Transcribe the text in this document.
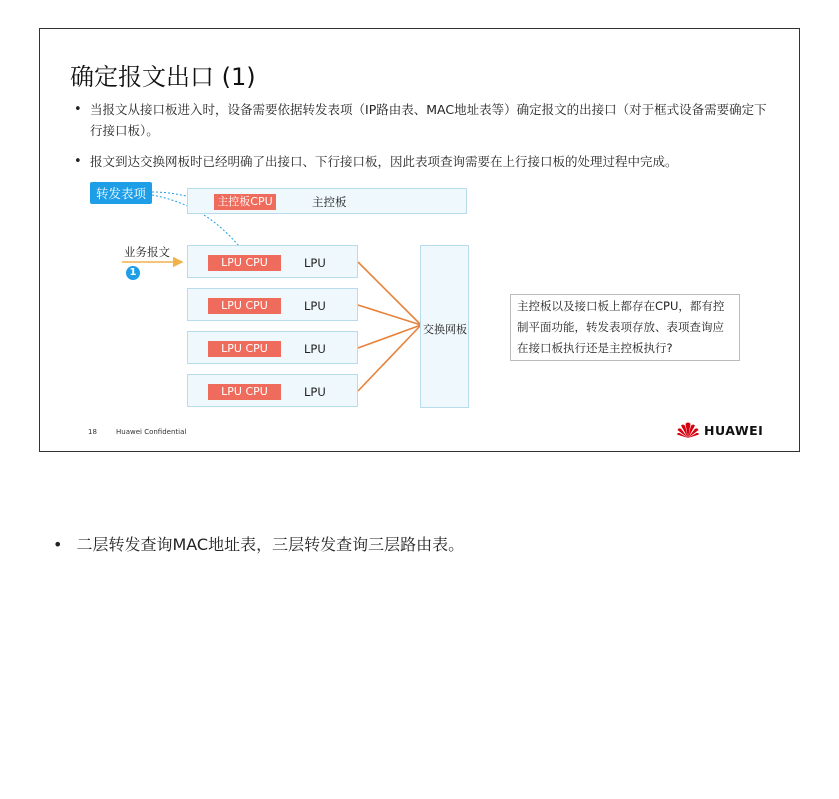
确定报文出口 (1)
• 当报文从接口板进入时，设备需要依据转发表项（IP路由表、MAC地址表等）确定报文的出接口（对于框式设备需要确定下行接口板）。
• 报文到达交换网板时已经明确了出接口、下行接口板，因此表项查询需要在上行接口板的处理过程中完成。
转发表项
主控板CPU	主控板
业务报文
1
LPU CPU	LPU
LPU CPU	LPU
LPU CPU	LPU
LPU CPU	LPU
交换网板
主控板以及接口板上都存在CPU，都有控制平面功能，转发表项存放、表项查询应在接口板执行还是主控板执行?
18	Huawei Confidential	HUAWEI
• 二层转发查询MAC地址表，三层转发查询三层路由表。
